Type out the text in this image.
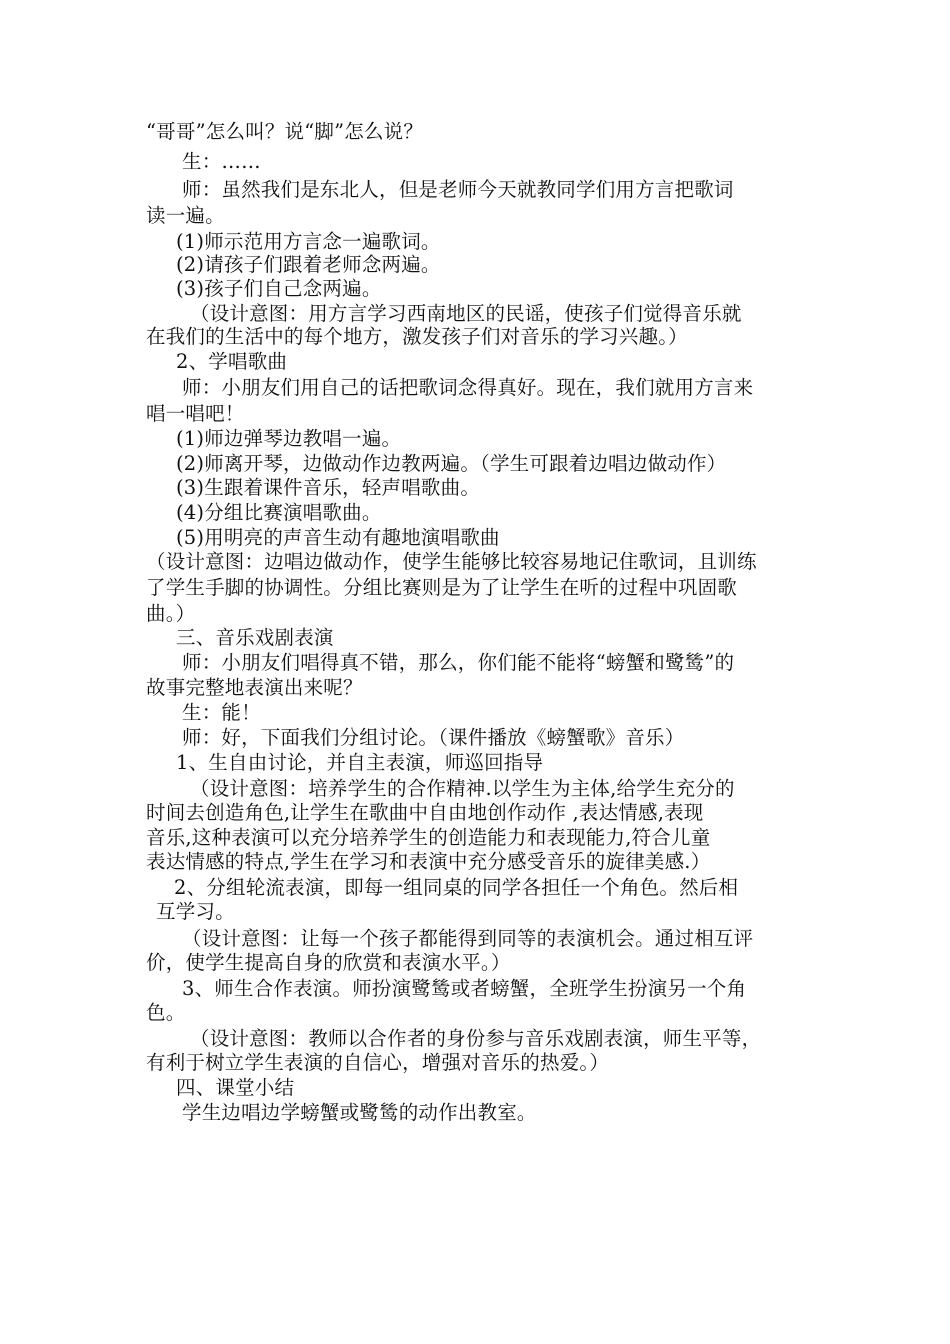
“哥哥”怎么叫？说“脚”怎么说？
生：……
师：虽然我们是东北人，但是老师今天就教同学们用方言把歌词
读一遍。
(1)师示范用方言念一遍歌词。
(2)请孩子们跟着老师念两遍。
(3)孩子们自己念两遍。
（设计意图：用方言学习西南地区的民谣，使孩子们觉得音乐就
在我们的生活中的每个地方，激发孩子们对音乐的学习兴趣。）
2、学唱歌曲
师：小朋友们用自己的话把歌词念得真好。现在，我们就用方言来
唱一唱吧！
(1)师边弹琴边教唱一遍。
(2)师离开琴，边做动作边教两遍。（学生可跟着边唱边做动作）
(3)生跟着课件音乐，轻声唱歌曲。
(4)分组比赛演唱歌曲。
(5)用明亮的声音生动有趣地演唱歌曲
（设计意图：边唱边做动作，使学生能够比较容易地记住歌词，且训练
了学生手脚的协调性。分组比赛则是为了让学生在听的过程中巩固歌
曲。）
三、音乐戏剧表演
师：小朋友们唱得真不错，那么，你们能不能将“螃蟹和鹭鸶”的
故事完整地表演出来呢？
生：能！
师：好，下面我们分组讨论。（课件播放《螃蟹歌》音乐）
1、生自由讨论，并自主表演，师巡回指导
（设计意图：培养学生的合作精神.以学生为主体,给学生充分的
时间去创造角色,让学生在歌曲中自由地创作动作 ,表达情感,表现
音乐,这种表演可以充分培养学生的创造能力和表现能力,符合儿童
表达情感的特点,学生在学习和表演中充分感受音乐的旋律美感.）
2、分组轮流表演，即每一组同桌的同学各担任一个角色。然后相
互学习。
（设计意图：让每一个孩子都能得到同等的表演机会。通过相互评
价，使学生提高自身的欣赏和表演水平。）
3、师生合作表演。师扮演鹭鸶或者螃蟹，全班学生扮演另一个角
色。
（设计意图：教师以合作者的身份参与音乐戏剧表演，师生平等，
有利于树立学生表演的自信心，增强对音乐的热爱。）
四、课堂小结
学生边唱边学螃蟹或鹭鸶的动作出教室。
